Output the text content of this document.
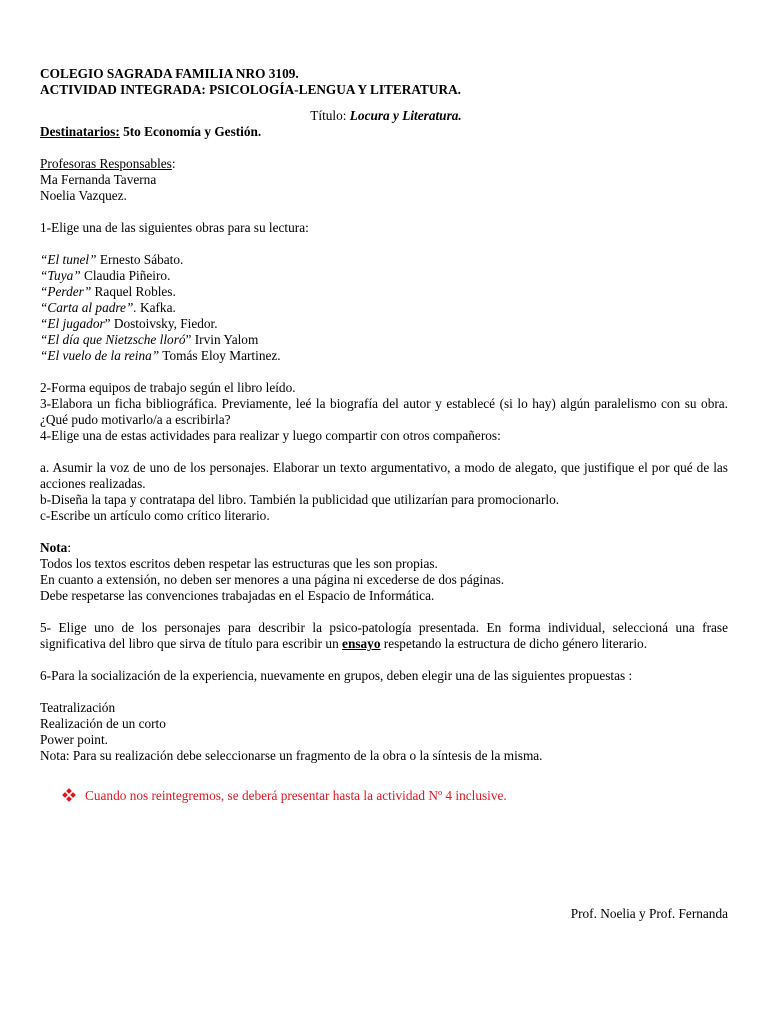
COLEGIO SAGRADA FAMILIA NRO 3109.
ACTIVIDAD INTEGRADA: PSICOLOGÍA-LENGUA Y LITERATURA.
Título: Locura y Literatura.
Destinatarios: 5to Economía y Gestión.
Profesoras Responsables:
Ma Fernanda Taverna
Noelia Vazquez.
1-Elige una de las siguientes obras para su lectura:
“El tunel” Ernesto Sábato.
“Tuya” Claudia Piñeiro.
“Perder” Raquel Robles.
“Carta al padre”. Kafka.
“El jugador” Dostoivsky, Fiedor.
“El día que Nietzsche lloró” Irvin Yalom
“El vuelo de la reina” Tomás Eloy Martinez.
2-Forma equipos de trabajo según el libro leído.
3-Elabora un ficha bibliográfica. Previamente, leé la biografía del autor y establecé (si lo hay) algún paralelismo con su obra. ¿Qué pudo motivarlo/a a escribirla?
4-Elige una de estas actividades para realizar y luego compartir con otros compañeros:
a. Asumir la voz de uno de los personajes. Elaborar un texto argumentativo, a modo de alegato, que justifique el por qué de las acciones realizadas.
b-Diseña la tapa y contratapa del libro. También la publicidad que utilizarían para promocionarlo.
c-Escribe un artículo como crítico literario.
Nota:
Todos los textos escritos deben respetar las estructuras que les son propias.
En cuanto a extensión, no deben ser menores a una página ni excederse de dos páginas.
Debe respetarse las convenciones trabajadas en el Espacio de Informática.
5- Elige uno de los personajes para describir la psico-patología presentada. En forma individual, seleccioná una frase significativa del libro que sirva de título para escribir un ensayo respetando la estructura de dicho género literario.
6-Para la socialización de la experiencia, nuevamente en grupos, deben elegir una de las siguientes propuestas :
Teatralización
Realización de un corto
Power point.
Nota: Para su realización debe seleccionarse un fragmento de la obra o la síntesis de la misma.
Cuando nos reintegremos, se deberá presentar hasta la actividad Nº 4 inclusive.
Prof. Noelia y Prof. Fernanda
